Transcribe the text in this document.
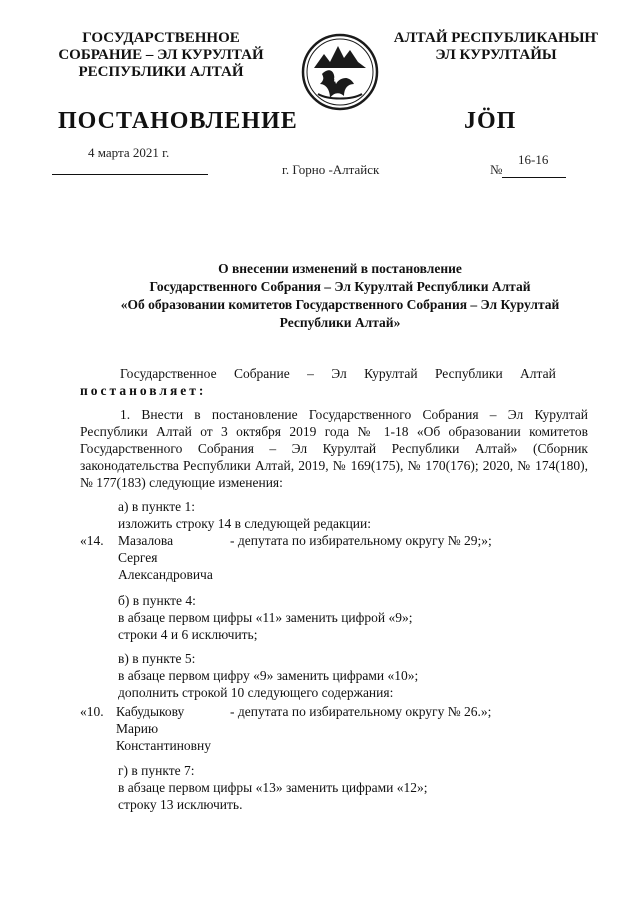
ГОСУДАРСТВЕННОЕ
СОБРАНИЕ – ЭЛ КУРУЛТАЙ
РЕСПУБЛИКИ АЛТАЙ
АЛТАЙ РЕСПУБЛИКАНЫҤ
ЭЛ КУРУЛТАЙЫ
ПОСТАНОВЛЕНИЕ	JӦП
4 марта 2021 г.
г. Горно -Алтайск	№
16-16
О внесении изменений в постановление
Государственного Собрания – Эл Курултай Республики Алтай
«Об образовании комитетов Государственного Собрания – Эл Курултай
Республики Алтай»
Государственное Собрание – Эл Курултай Республики Алтай
постановляет:
1. Внести в постановление Государственного Собрания – Эл Курултай Республики Алтай от 3 октября 2019 года № 1-18 «Об образовании комитетов Государственного Собрания – Эл Курултай Республики Алтай» (Сборник законодательства Республики Алтай, 2019, № 169(175), № 170(176); 2020, № 174(180), № 177(183) следующие изменения:
а) в пункте 1:
изложить строку 14 в следующей редакции:
«14. Мазалова
Сергея
Александровича
- депутата по избирательному округу № 29;»;
б) в пункте 4:
в абзаце первом цифры «11» заменить цифрой «9»;
строки 4 и 6 исключить;
в) в пункте 5:
в абзаце первом цифру «9» заменить цифрами «10»;
дополнить строкой 10 следующего содержания:
«10. Кабудыкову
Марию
Константиновну
- депутата по избирательному округу № 26.»;
г) в пункте 7:
в абзаце первом цифры «13» заменить цифрами «12»;
строку 13 исключить.
